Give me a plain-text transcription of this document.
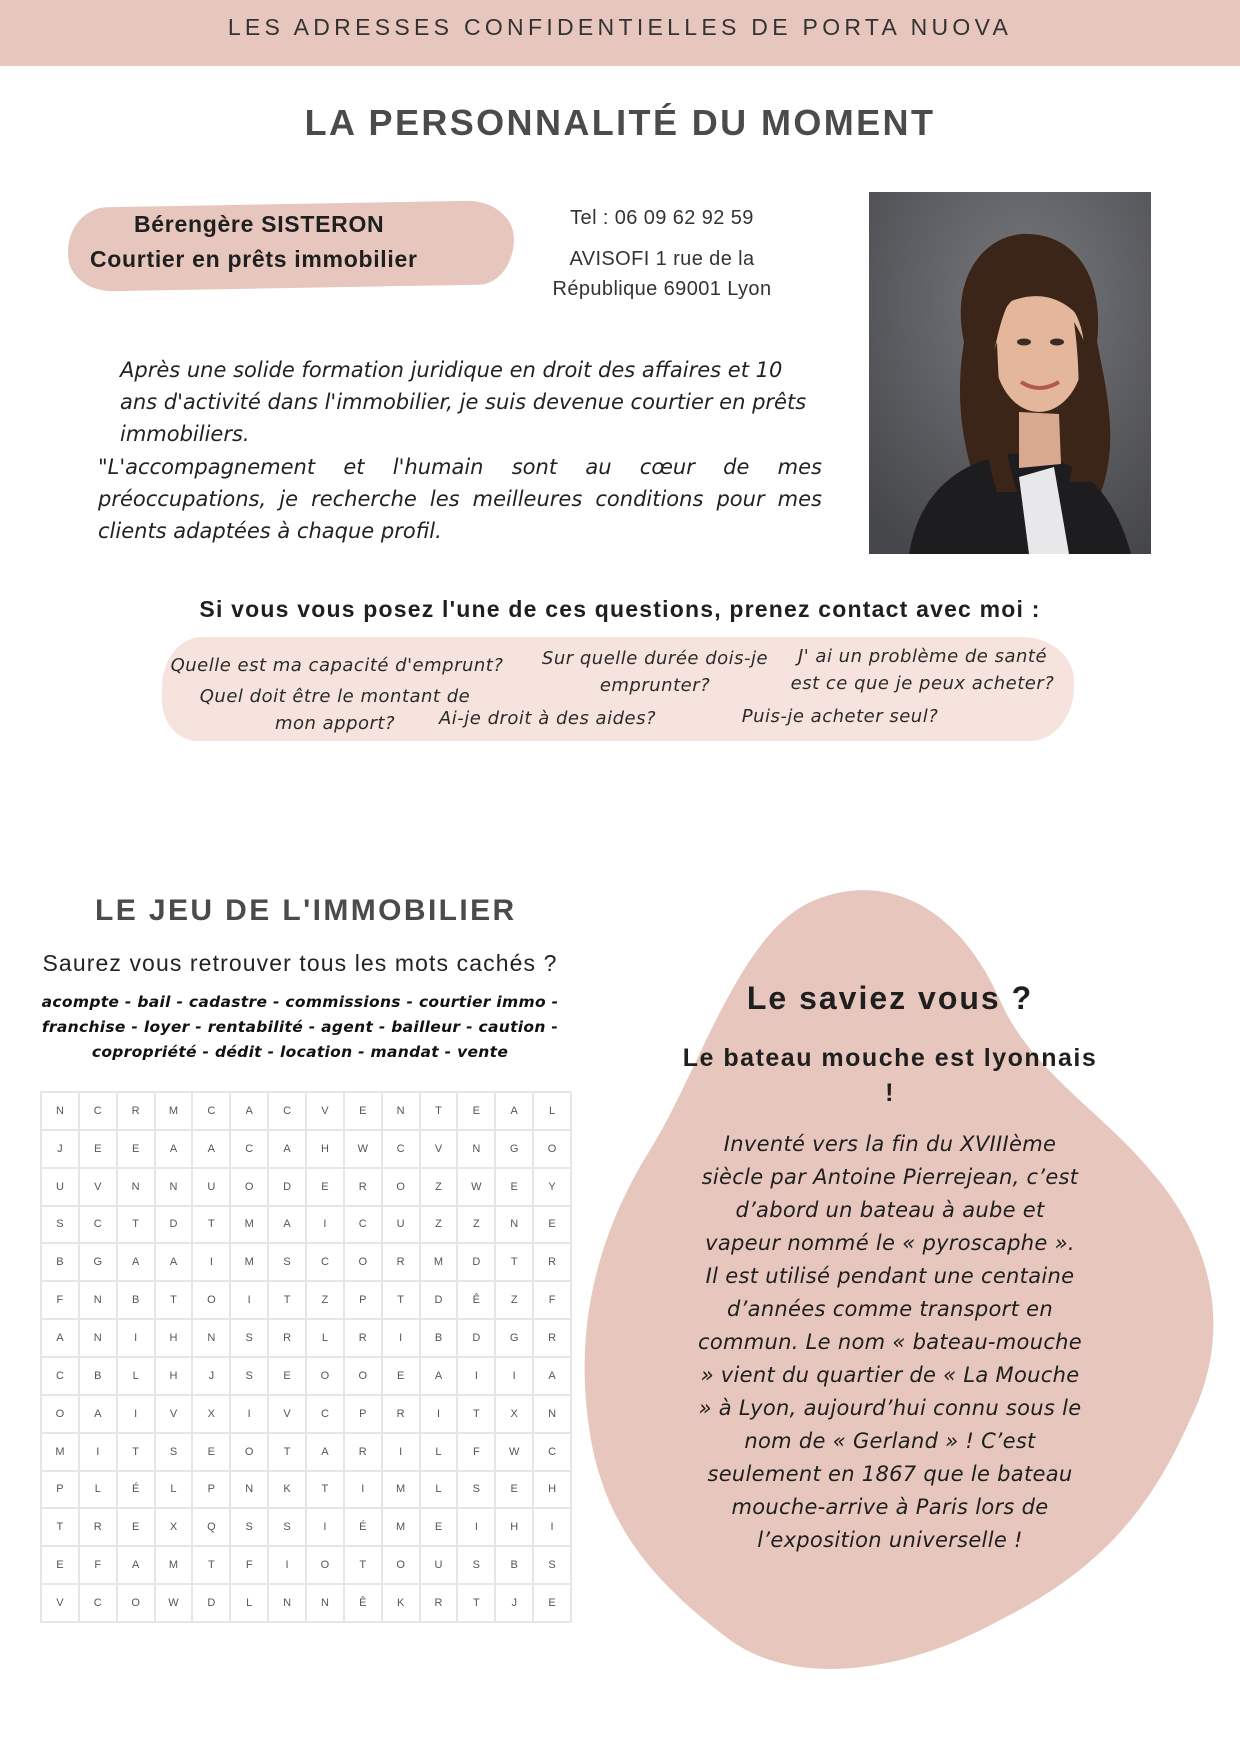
LES ADRESSES CONFIDENTIELLES DE PORTA NUOVA
LA PERSONNALITÉ DU MOMENT
Bérengère SISTERON
Courtier en prêts immobilier
Tel : 06 09 62 92 59
AVISOFI 1 rue de la
République 69001 Lyon
Après une solide formation juridique en droit des affaires et 10 ans d'activité dans l'immobilier, je suis devenue courtier en prêts immobiliers.
"L'accompagnement et l'humain sont au cœur de mes préoccupations, je recherche les meilleures conditions pour mes clients adaptées à chaque profil.
Si vous vous posez l'une de ces questions, prenez contact avec moi :
Quelle est ma capacité d'emprunt?	Sur quelle durée dois-je emprunter?
J' ai un problème de santé est ce que je peux acheter?
Quel doit être le montant de mon apport?	Ai-je droit à des aides?	Puis-je acheter seul?
LE JEU DE L'IMMOBILIER
Saurez vous retrouver tous les mots cachés ?
acompte - bail - cadastre - commissions - courtier immo -
franchise - loyer - rentabilité - agent - bailleur - caution -
copropriété - dédit - location - mandat - vente
N	C	R	M	C	A	C	V	E	N	T	E	A	L
J	E	E	A	A	C	A	H	W	C	V	N	G	O
U	V	N	N	U	O	D	E	R	O	Z	W	E	Y
S	C	T	D	T	M	A	I	C	U	Z	Z	N	E
B	G	A	A	I	M	S	C	O	R	M	D	T	R
F	N	B	T	O	I	T	Z	P	T	D	Ê	Z	F
A	N	I	H	N	S	R	L	R	I	B	D	G	R
C	B	L	H	J	S	E	O	O	E	A	I	I	A
O	A	I	V	X	I	V	C	P	R	I	T	X	N
M	I	T	S	E	O	T	A	R	I	L	F	W	C
P	L	É	L	P	N	K	T	I	M	L	S	E	H
T	R	E	X	Q	S	S	I	É	M	E	I	H	I
E	F	A	M	T	F	I	O	T	O	U	S	B	S
V	C	O	W	D	L	N	N	Ê	K	R	T	J	E
Le saviez vous ?
Le bateau mouche est lyonnais !
Inventé vers la fin du XVIIIème siècle par Antoine Pierrejean, c’est d’abord un bateau à aube et vapeur nommé le « pyroscaphe ». Il est utilisé pendant une centaine d’années comme transport en commun. Le nom « bateau-mouche » vient du quartier de « La Mouche » à Lyon, aujourd’hui connu sous le nom de « Gerland » ! C’est seulement en 1867 que le bateau mouche-arrive à Paris lors de l’exposition universelle !
